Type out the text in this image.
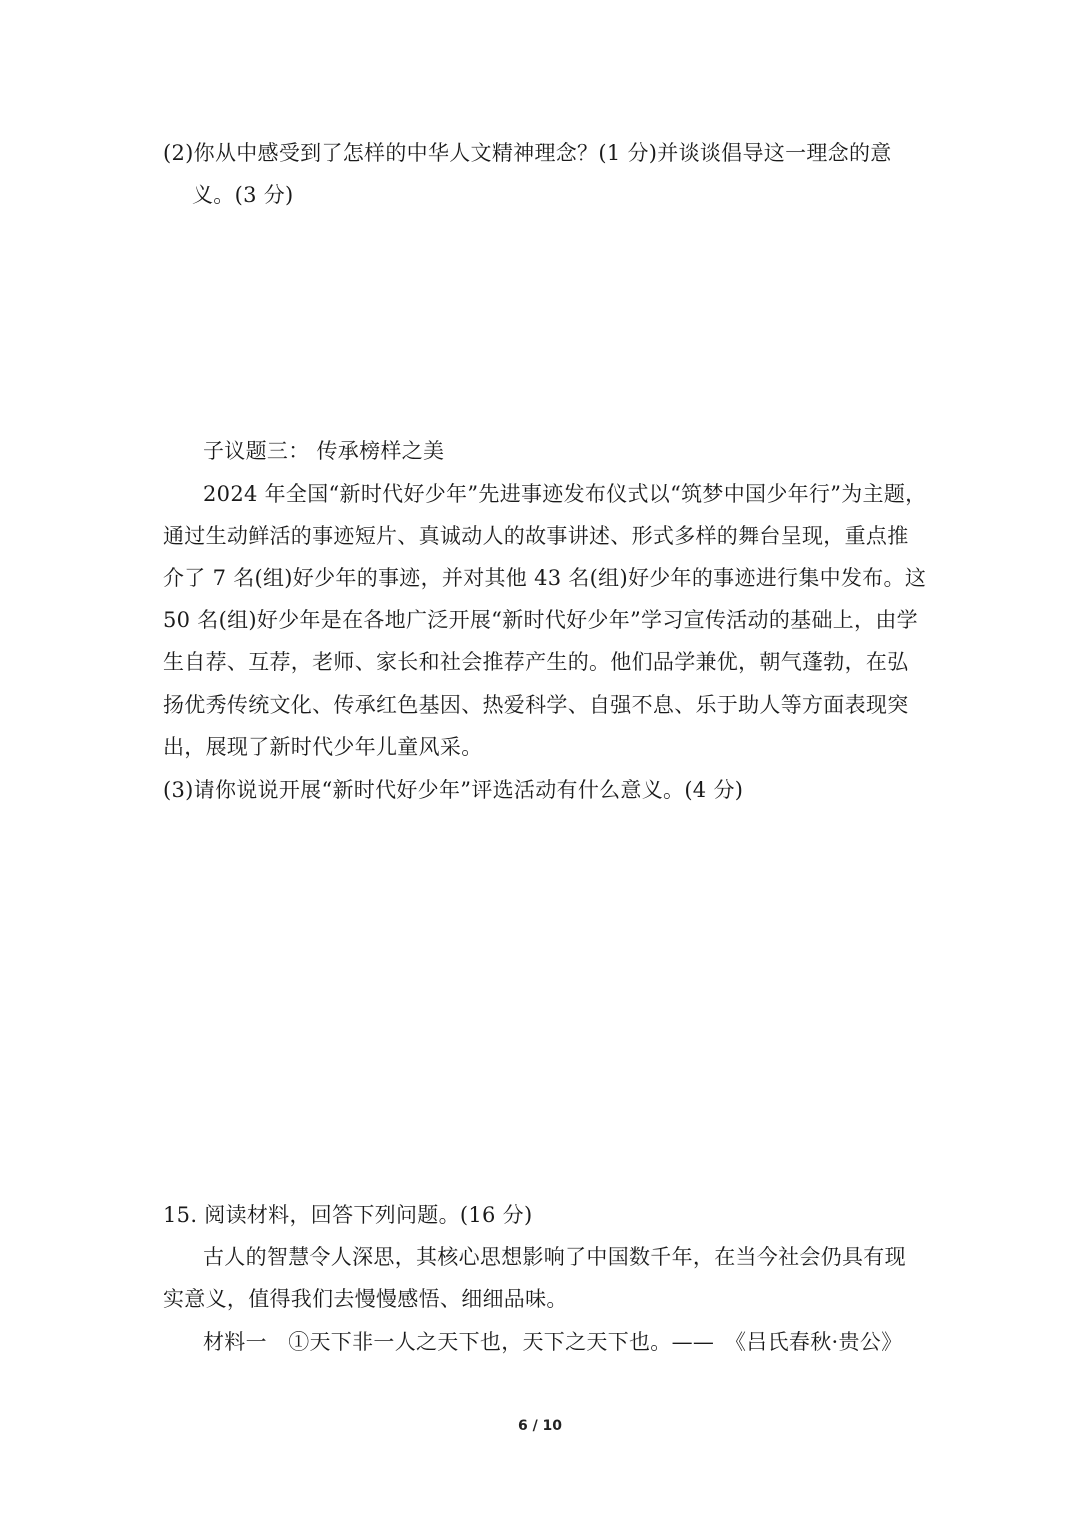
(2)你从中感受到了怎样的中华人文精神理念？(1 分)并谈谈倡导这一理念的意
义。(3 分)
子议题三： 传承榜样之美
2024 年全国“新时代好少年”先进事迹发布仪式以“筑梦中国少年行”为主题，
通过生动鲜活的事迹短片、真诚动人的故事讲述、形式多样的舞台呈现，重点推
介了 7 名(组)好少年的事迹，并对其他 43 名(组)好少年的事迹进行集中发布。这
50 名(组)好少年是在各地广泛开展“新时代好少年”学习宣传活动的基础上，由学
生自荐、互荐，老师、家长和社会推荐产生的。他们品学兼优，朝气蓬勃，在弘
扬优秀传统文化、传承红色基因、热爱科学、自强不息、乐于助人等方面表现突
出，展现了新时代少年儿童风采。
(3)请你说说开展“新时代好少年”评选活动有什么意义。(4 分)
15. 阅读材料，回答下列问题。(16 分)
古人的智慧令人深思，其核心思想影响了中国数千年，在当今社会仍具有现
实意义，值得我们去慢慢感悟、细细品味。
材料一　①天下非一人之天下也，天下之天下也。——　《吕氏春秋·贵公》
6 / 10
